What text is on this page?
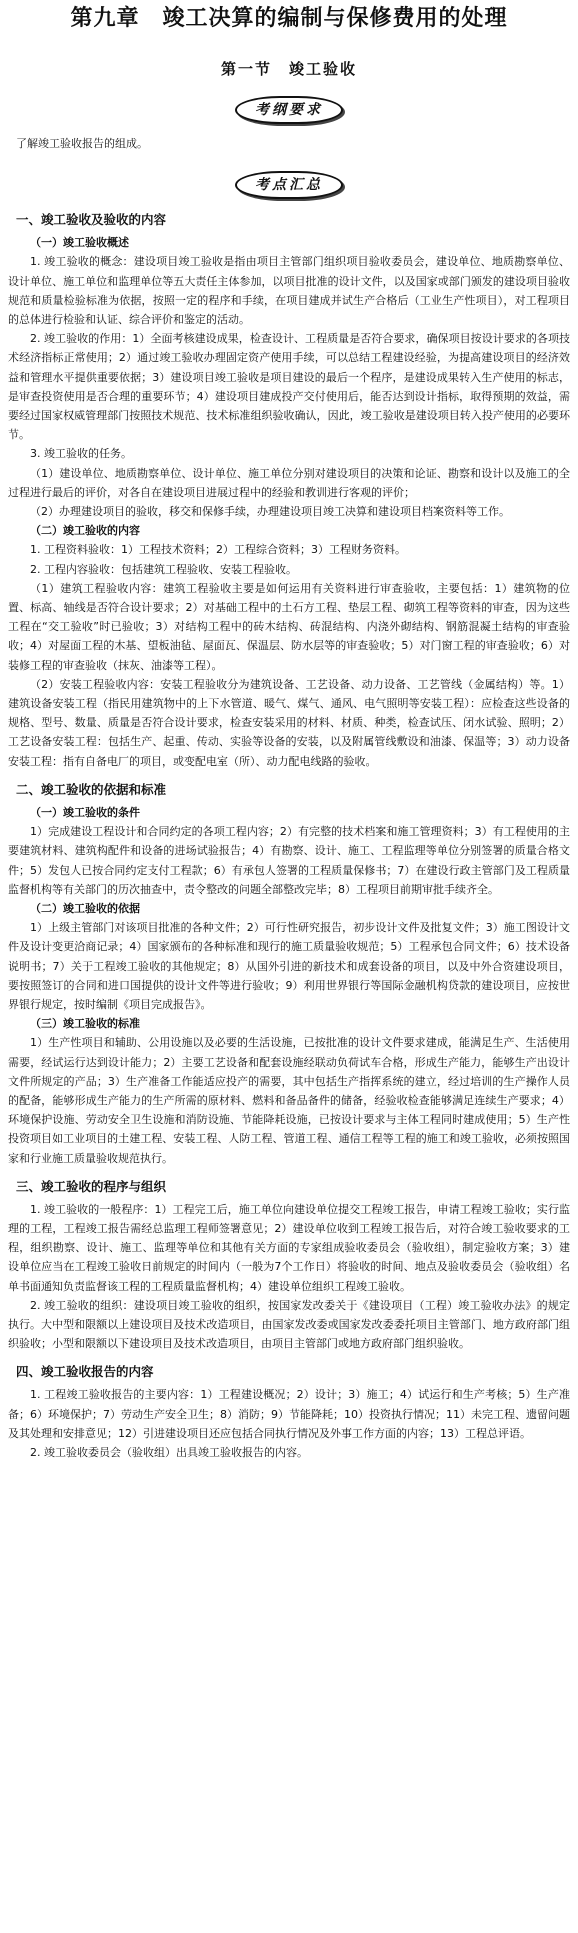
第九章　竣工决算的编制与保修费用的处理
第一节　竣工验收
考纲要求

了解竣工验收报告的组成。

考点汇总
一、竣工验收及验收的内容
（一）竣工验收概述

1. 竣工验收的概念：建设项目竣工验收是指由项目主管部门组织项目验收委员会，建设单位、地质勘察单位、设计单位、施工单位和监理单位等五大责任主体参加，以项目批准的设计文件，以及国家或部门颁发的建设项目验收规范和质量检验标准为依据，按照一定的程序和手续，在项目建成并试生产合格后（工业生产性项目），对工程项目的总体进行检验和认证、综合评价和鉴定的活动。

2. 竣工验收的作用：1）全面考核建设成果，检查设计、工程质量是否符合要求，确保项目按设计要求的各项技术经济指标正常使用；2）通过竣工验收办理固定资产使用手续，可以总结工程建设经验，为提高建设项目的经济效益和管理水平提供重要依据；3）建设项目竣工验收是项目建设的最后一个程序，是建设成果转入生产使用的标志，是审查投资使用是否合理的重要环节；4）建设项目建成投产交付使用后，能否达到设计指标，取得预期的效益，需要经过国家权威管理部门按照技术规范、技术标准组织验收确认，因此，竣工验收是建设项目转入投产使用的必要环节。

3. 竣工验收的任务。

（1）建设单位、地质勘察单位、设计单位、施工单位分别对建设项目的决策和论证、勘察和设计以及施工的全过程进行最后的评价，对各自在建设项目进展过程中的经验和教训进行客观的评价；

（2）办理建设项目的验收，移交和保修手续，办理建设项目竣工决算和建设项目档案资料等工作。

（二）竣工验收的内容

1. 工程资料验收：1）工程技术资料；2）工程综合资料；3）工程财务资料。

2. 工程内容验收：包括建筑工程验收、安装工程验收。

（1）建筑工程验收内容：建筑工程验收主要是如何运用有关资料进行审查验收，主要包括：1）建筑物的位置、标高、轴线是否符合设计要求；2）对基础工程中的土石方工程、垫层工程、砌筑工程等资料的审查，因为这些工程在“交工验收”时已验收；3）对结构工程中的砖木结构、砖混结构、内浇外砌结构、钢筋混凝土结构的审查验收；4）对屋面工程的木基、望板油毡、屋面瓦、保温层、防水层等的审查验收；5）对门窗工程的审查验收；6）对装修工程的审查验收（抹灰、油漆等工程）。

（2）安装工程验收内容：安装工程验收分为建筑设备、工艺设备、动力设备、工艺管线（金属结构）等。1）建筑设备安装工程（指民用建筑物中的上下水管道、暖气、煤气、通风、电气照明等安装工程）：应检查这些设备的规格、型号、数量、质量是否符合设计要求，检查安装采用的材料、材质、种类，检查试压、闭水试验、照明；2）工艺设备安装工程：包括生产、起重、传动、实验等设备的安装，以及附属管线敷设和油漆、保温等；3）动力设备安装工程：指有自备电厂的项目，或变配电室（所）、动力配电线路的验收。

二、竣工验收的依据和标准
（一）竣工验收的条件

1）完成建设工程设计和合同约定的各项工程内容；2）有完整的技术档案和施工管理资料；3）有工程使用的主要建筑材料、建筑构配件和设备的进场试验报告；4）有勘察、设计、施工、工程监理等单位分别签署的质量合格文件；5）发包人已按合同约定支付工程款；6）有承包人签署的工程质量保修书；7）在建设行政主管部门及工程质量监督机构等有关部门的历次抽查中，责令整改的问题全部整改完毕；8）工程项目前期审批手续齐全。

（二）竣工验收的依据

1）上级主管部门对该项目批准的各种文件；2）可行性研究报告，初步设计文件及批复文件；3）施工图设计文件及设计变更洽商记录；4）国家颁布的各种标准和现行的施工质量验收规范；5）工程承包合同文件；6）技术设备说明书；7）关于工程竣工验收的其他规定；8）从国外引进的新技术和成套设备的项目，以及中外合资建设项目，要按照签订的合同和进口国提供的设计文件等进行验收；9）利用世界银行等国际金融机构贷款的建设项目，应按世界银行规定，按时编制《项目完成报告》。

（三）竣工验收的标准

1）生产性项目和辅助、公用设施以及必要的生活设施，已按批准的设计文件要求建成，能满足生产、生活使用需要，经试运行达到设计能力；2）主要工艺设备和配套设施经联动负荷试车合格，形成生产能力，能够生产出设计文件所规定的产品；3）生产准备工作能适应投产的需要，其中包括生产指挥系统的建立，经过培训的生产操作人员的配备，能够形成生产能力的生产所需的原材料、燃料和备品备件的储备，经验收检查能够满足连续生产要求；4）环境保护设施、劳动安全卫生设施和消防设施、节能降耗设施，已按设计要求与主体工程同时建成使用；5）生产性投资项目如工业项目的土建工程、安装工程、人防工程、管道工程、通信工程等工程的施工和竣工验收，必须按照国家和行业施工质量验收规范执行。

三、竣工验收的程序与组织

1. 竣工验收的一般程序：1）工程完工后，施工单位向建设单位提交工程竣工报告，申请工程竣工验收；实行监理的工程，工程竣工报告需经总监理工程师签署意见；2）建设单位收到工程竣工报告后，对符合竣工验收要求的工程，组织勘察、设计、施工、监理等单位和其他有关方面的专家组成验收委员会（验收组），制定验收方案；3）建设单位应当在工程竣工验收日前规定的时间内（一般为7个工作日）将验收的时间、地点及验收委员会（验收组）名单书面通知负责监督该工程的工程质量监督机构；4）建设单位组织工程竣工验收。

2. 竣工验收的组织：建设项目竣工验收的组织，按国家发改委关于《建设项目（工程）竣工验收办法》的规定执行。大中型和限额以上建设项目及技术改造项目，由国家发改委或国家发改委委托项目主管部门、地方政府部门组织验收；小型和限额以下建设项目及技术改造项目，由项目主管部门或地方政府部门组织验收。

四、竣工验收报告的内容

1. 工程竣工验收报告的主要内容：1）工程建设概况；2）设计；3）施工；4）试运行和生产考核；5）生产准备；6）环境保护；7）劳动生产安全卫生；8）消防；9）节能降耗；10）投资执行情况；11）未完工程、遗留问题及其处理和安排意见；12）引进建设项目还应包括合同执行情况及外事工作方面的内容；13）工程总评语。

2. 竣工验收委员会（验收组）出具竣工验收报告的内容。
